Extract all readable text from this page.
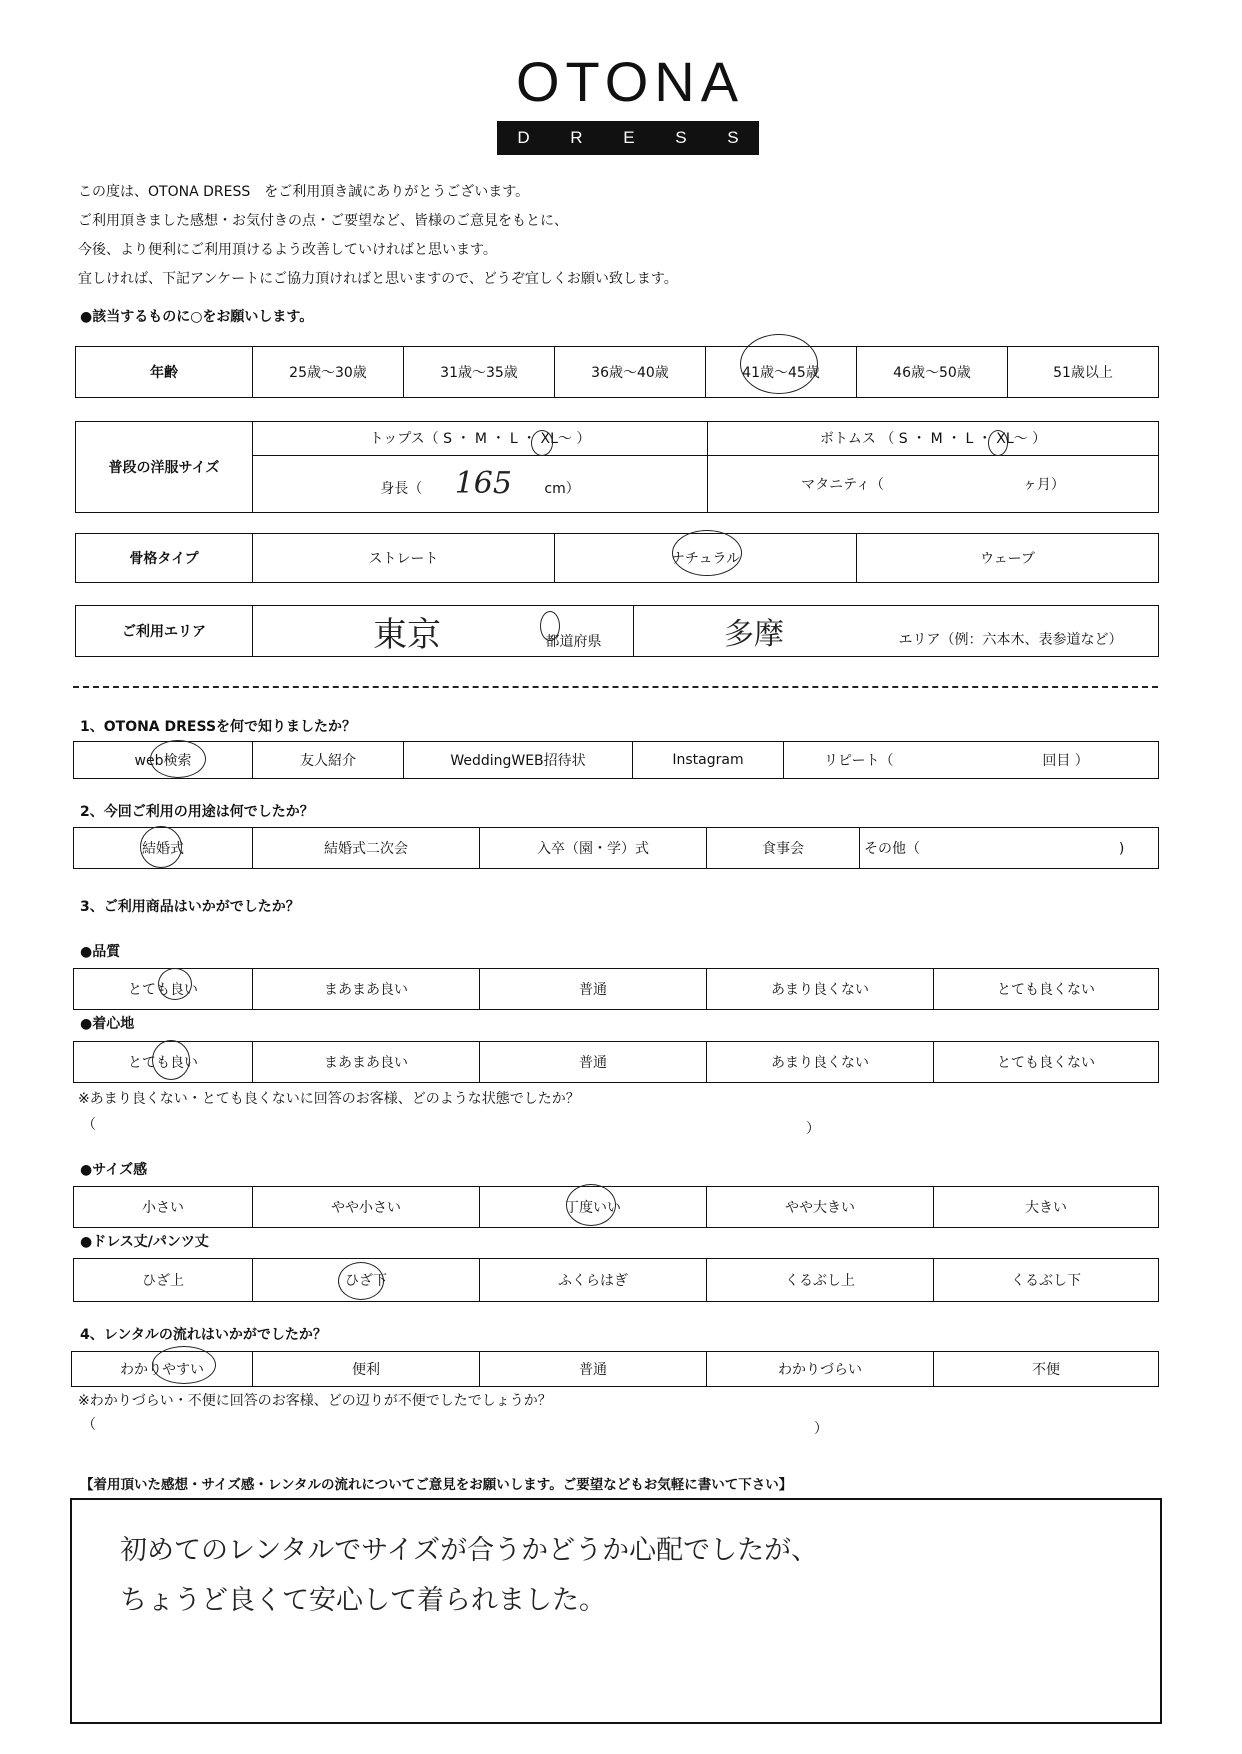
OTONA
D R E S S
この度は、OTONA DRESS　をご利用頂き誠にありがとうございます。
ご利用頂きました感想・お気付きの点・ご要望など、皆様のご意見をもとに、
今後、より便利にご利用頂けるよう改善していければと思います。
宜しければ、下記アンケートにご協力頂ければと思いますので、どうぞ宜しくお願い致します。
●該当するものに○をお願いします。
年齢	25歳～30歳	31歳～35歳	36歳～40歳	41歳～45歳	46歳～50歳	51歳以上
普段の洋服サイズ	トップス（ S ・ M ・ L ・ XL～ ）	ボトムス （ S ・ M ・ L ・ XL～ ）
	身長（ 165 cm）	マタニティ（ ヶ月）
骨格タイプ	ストレート	ナチュラル	ウェーブ
ご利用エリア	東京	都道府県	多摩	エリア（例：六本木、表参道など）
1、OTONA DRESSを何で知りましたか？
web検索	友人紹介	WeddingWEB招待状	Instagram	リピート（	回目 ）
2、今回ご利用の用途は何でしたか？
結婚式	結婚式二次会	入卒（園・学）式	食事会	その他（	)
3、ご利用商品はいかがでしたか？
●品質
とても良い	まあまあ良い	普通	あまり良くない	とても良くない
●着心地
とても良い	まあまあ良い	普通	あまり良くない	とても良くない
※あまり良くない・とても良くないに回答のお客様、どのような状態でしたか？
（	）
●サイズ感
小さい	やや小さい	丁度いい	やや大きい	大きい
●ドレス丈/パンツ丈
ひざ上	ひざ下	ふくらはぎ	くるぶし上	くるぶし下
4、レンタルの流れはいかがでしたか？
わかりやすい	便利	普通	わかりづらい	不便
※わかりづらい・不便に回答のお客様、どの辺りが不便でしたでしょうか？
（	）
【着用頂いた感想・サイズ感・レンタルの流れについてご意見をお願いします。ご要望などもお気軽に書いて下さい】
初めてのレンタルでサイズが合うかどうか心配でしたが、
ちょうど良くて安心して着られました。
